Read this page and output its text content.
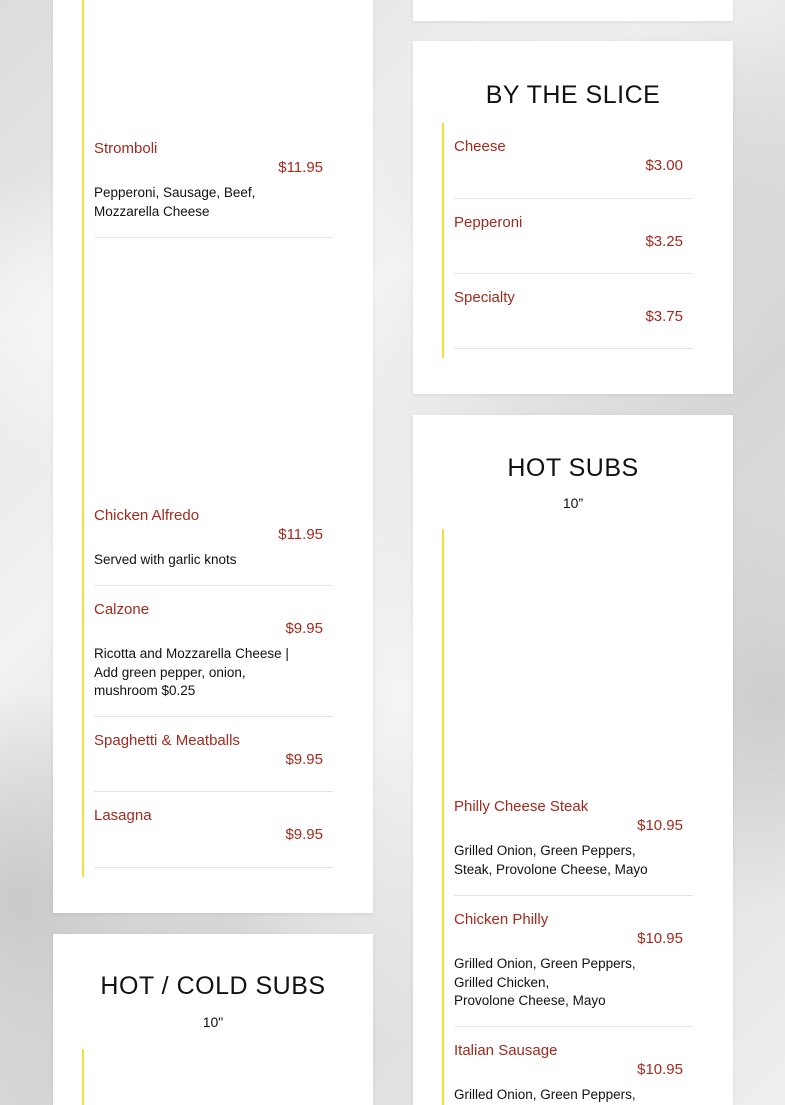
Stromboli
$11.95
Pepperoni, Sausage, Beef,
Mozzarella Cheese
Chicken Alfredo
$11.95
Served with garlic knots
Calzone
$9.95
Ricotta and Mozzarella Cheese |
Add green pepper, onion,
mushroom $0.25
Spaghetti & Meatballs
$9.95
Lasagna
$9.95
HOT / COLD SUBS
10"
BY THE SLICE
Cheese
$3.00
Pepperoni
$3.25
Specialty
$3.75
HOT SUBS
10”
Philly Cheese Steak
$10.95
Grilled Onion, Green Peppers,
Steak, Provolone Cheese, Mayo
Chicken Philly
$10.95
Grilled Onion, Green Peppers,
Grilled Chicken,
Provolone Cheese, Mayo
Italian Sausage
$10.95
Grilled Onion, Green Peppers,
